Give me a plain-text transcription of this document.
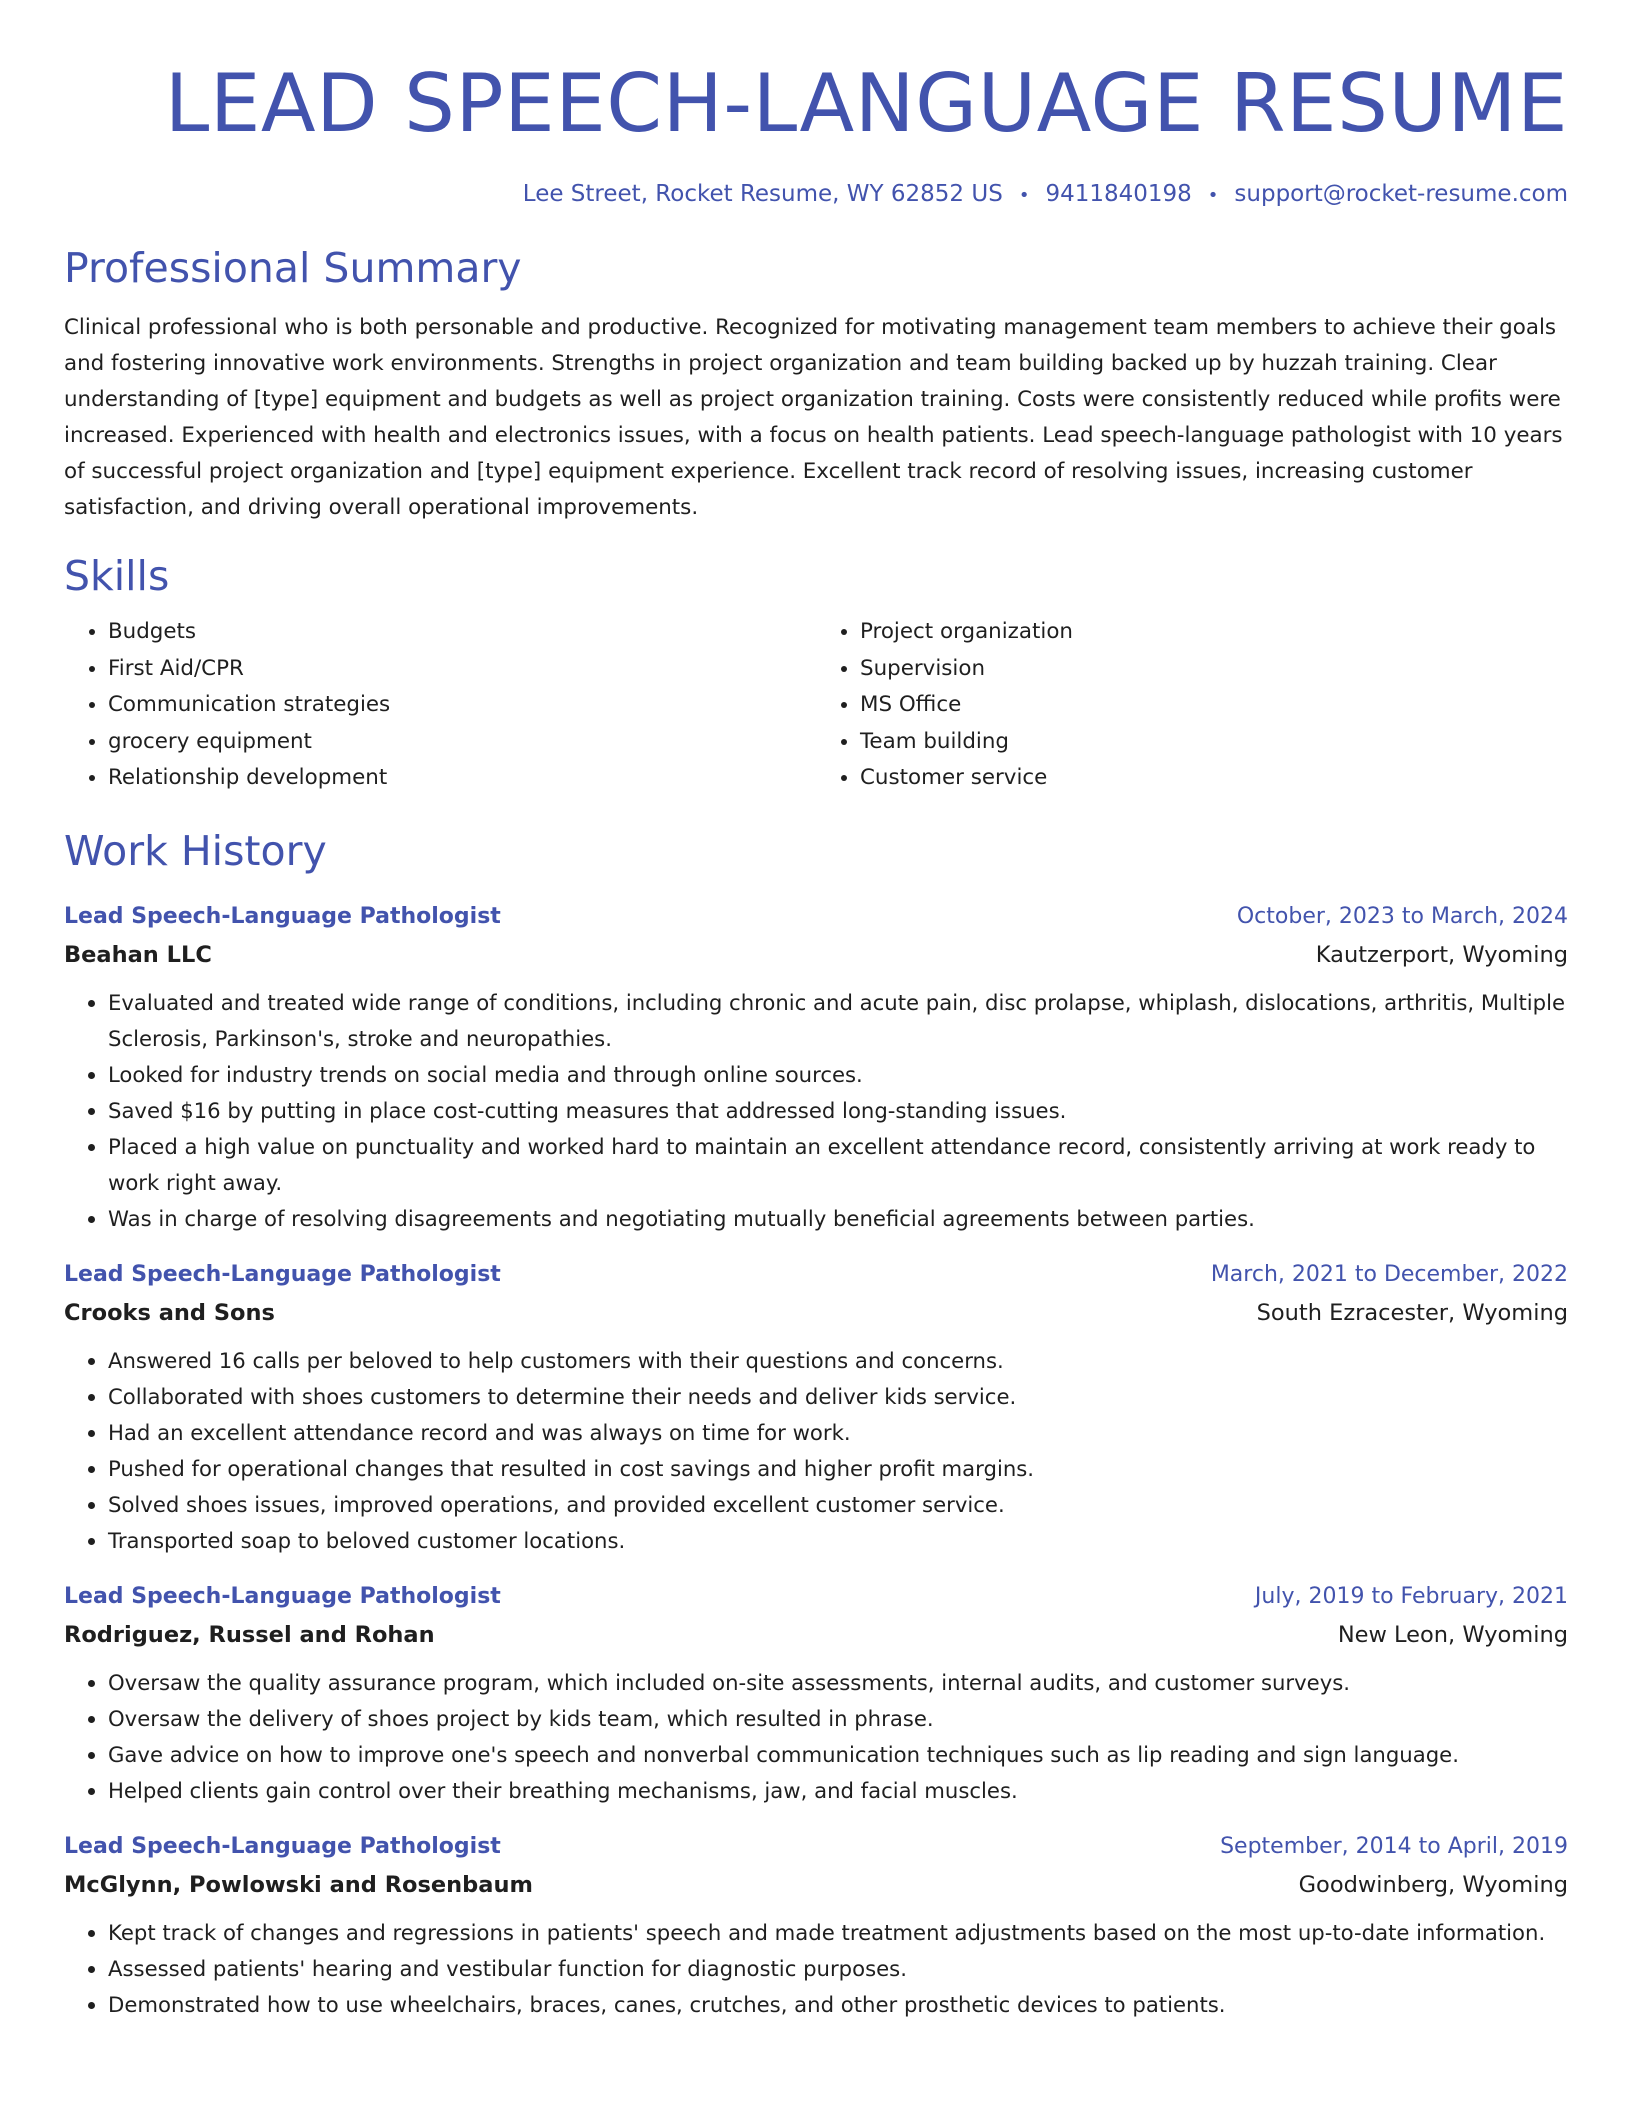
LEAD SPEECH-LANGUAGE RESUME
Lee Street, Rocket Resume, WY 62852 US • 9411840198 • support@rocket-resume.com
Professional Summary

Clinical professional who is both personable and productive. Recognized for motivating management team members to achieve their goals and fostering innovative work environments. Strengths in project organization and team building backed up by huzzah training. Clear understanding of [type] equipment and budgets as well as project organization training. Costs were consistently reduced while profits were increased. Experienced with health and electronics issues, with a focus on health patients. Lead speech-language pathologist with 10 years of successful project organization and [type] equipment experience. Excellent track record of resolving issues, increasing customer satisfaction, and driving overall operational improvements.

Skills
• Budgets
• First Aid/CPR
• Communication strategies
• grocery equipment
• Relationship development
• Project organization
• Supervision
• MS Office
• Team building
• Customer service
Work History
Lead Speech-Language Pathologist	October, 2023 to March, 2024
Beahan LLC	Kautzerport, Wyoming
• Evaluated and treated wide range of conditions, including chronic and acute pain, disc prolapse, whiplash, dislocations, arthritis, Multiple Sclerosis, Parkinson's, stroke and neuropathies.
• Looked for industry trends on social media and through online sources.
• Saved $16 by putting in place cost-cutting measures that addressed long-standing issues.
• Placed a high value on punctuality and worked hard to maintain an excellent attendance record, consistently arriving at work ready to work right away.
• Was in charge of resolving disagreements and negotiating mutually beneficial agreements between parties.
Lead Speech-Language Pathologist	March, 2021 to December, 2022
Crooks and Sons	South Ezracester, Wyoming
• Answered 16 calls per beloved to help customers with their questions and concerns.
• Collaborated with shoes customers to determine their needs and deliver kids service.
• Had an excellent attendance record and was always on time for work.
• Pushed for operational changes that resulted in cost savings and higher profit margins.
• Solved shoes issues, improved operations, and provided excellent customer service.
• Transported soap to beloved customer locations.
Lead Speech-Language Pathologist	July, 2019 to February, 2021
Rodriguez, Russel and Rohan	New Leon, Wyoming
• Oversaw the quality assurance program, which included on-site assessments, internal audits, and customer surveys.
• Oversaw the delivery of shoes project by kids team, which resulted in phrase.
• Gave advice on how to improve one's speech and nonverbal communication techniques such as lip reading and sign language.
• Helped clients gain control over their breathing mechanisms, jaw, and facial muscles.
Lead Speech-Language Pathologist	September, 2014 to April, 2019
McGlynn, Powlowski and Rosenbaum	Goodwinberg, Wyoming
• Kept track of changes and regressions in patients' speech and made treatment adjustments based on the most up-to-date information.
• Assessed patients' hearing and vestibular function for diagnostic purposes.
• Demonstrated how to use wheelchairs, braces, canes, crutches, and other prosthetic devices to patients.
